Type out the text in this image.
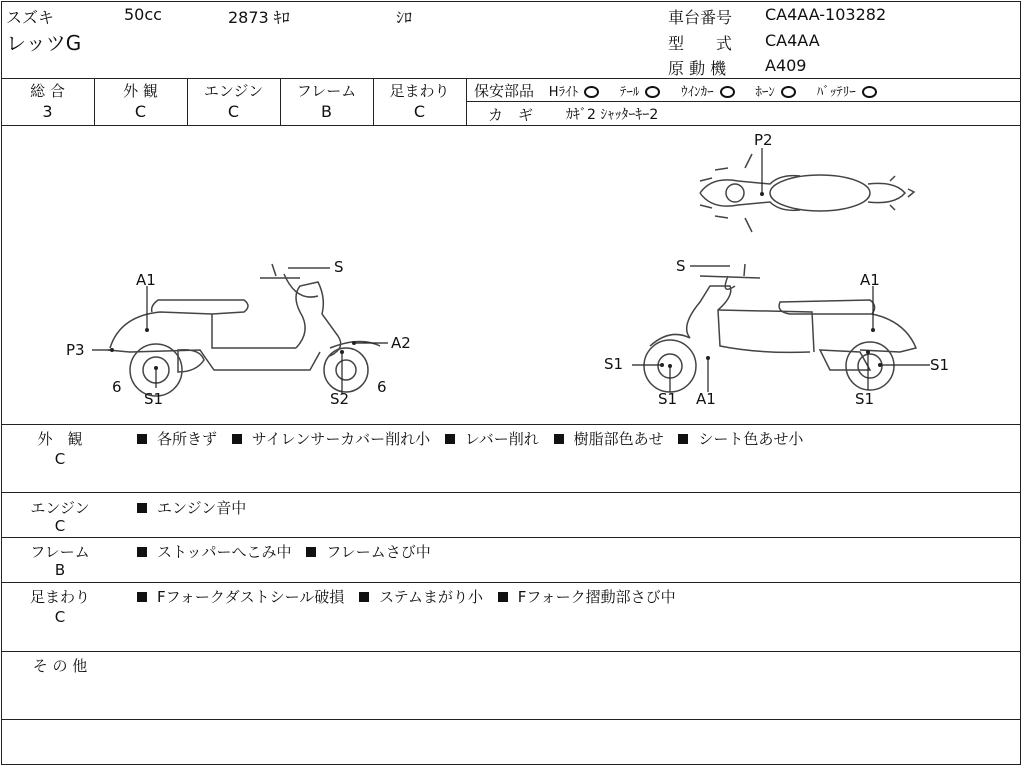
スズキ	50cc	2873 ｷﾛ	ｼﾛ
レッツG
車台番号 CA4AA-103282
型　　式 CA4AA
原 動 機 A409
総 合
3
外 観
C
エンジン
C
フレーム
B
足まわり
C
保安部品 Hﾗｲﾄ	ﾃｰﾙ	ｳｲﾝｶｰ	ﾎｰﾝ	ﾊﾞｯﾃﾘｰ
カ　ギ ｶｷﾞ2 ｼｬｯﾀｰｷｰ2
P2
A1
S
P3	A2
6	6
S1	S2
S
A1
S1	S1
S1 A1	S1
外　観
C
各所きず サイレンサーカバー削れ小 レバー削れ 樹脂部色あせ シート色あせ小
エンジン
C
エンジン音中
フレーム
B
ストッパーへこみ中 フレームさび中
足まわり
C
Fフォークダストシール破損 ステムまがり小 Fフォーク摺動部さび中
そ の 他
